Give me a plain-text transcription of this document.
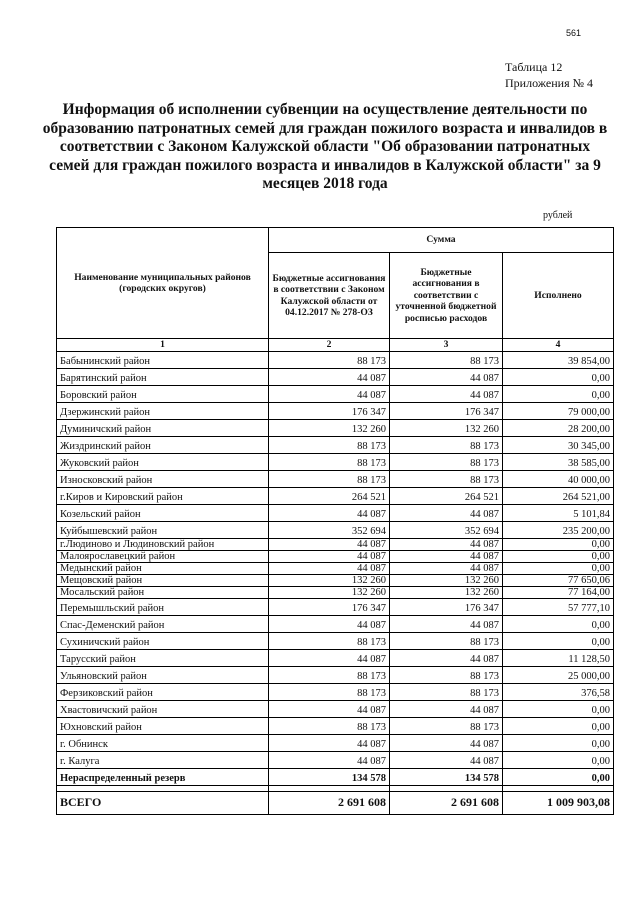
561
Таблица 12
Приложения № 4
Информация об исполнении субвенции на осуществление деятельности по образованию патронатных семей для граждан пожилого возраста и инвалидов в соответствии с Законом Калужской области "Об образовании патронатных семей для граждан пожилого возраста и инвалидов в Калужской области" за 9 месяцев 2018 года
рублей
Наименование муниципальных районов (городских округов)	Сумма		
	Бюджетные ассигнования в соответствии с Законом Калужской области от 04.12.2017 № 278-ОЗ	Бюджетные ассигнования в соответствии с уточненной бюджетной росписью расходов	Исполнено
1	2	3	4
Бабынинский район	88 173	88 173	39 854,00
Барятинский район	44 087	44 087	0,00
Боровский район	44 087	44 087	0,00
Дзержинский район	176 347	176 347	79 000,00
Думиничский район	132 260	132 260	28 200,00
Жиздринский район	88 173	88 173	30 345,00
Жуковский район	88 173	88 173	38 585,00
Износковский район	88 173	88 173	40 000,00
г.Киров и Кировский район	264 521	264 521	264 521,00
Козельский район	44 087	44 087	5 101,84
Куйбышевский район	352 694	352 694	235 200,00
г.Людиново и Людиновский район	44 087	44 087	0,00
Малоярославецкий район	44 087	44 087	0,00
Медынский район	44 087	44 087	0,00
Мещовский район	132 260	132 260	77 650,06
Мосальский район	132 260	132 260	77 164,00
Перемышльский район	176 347	176 347	57 777,10
Спас-Деменский район	44 087	44 087	0,00
Сухиничский район	88 173	88 173	0,00
Тарусский район	44 087	44 087	11 128,50
Ульяновский район	88 173	88 173	25 000,00
Ферзиковский район	88 173	88 173	376,58
Хвастовичский район	44 087	44 087	0,00
Юхновский район	88 173	88 173	0,00
г. Обнинск	44 087	44 087	0,00
г. Калуга	44 087	44 087	0,00
Нераспределенный резерв	134 578	134 578	0,00

ВСЕГО	2 691 608	2 691 608	1 009 903,08
